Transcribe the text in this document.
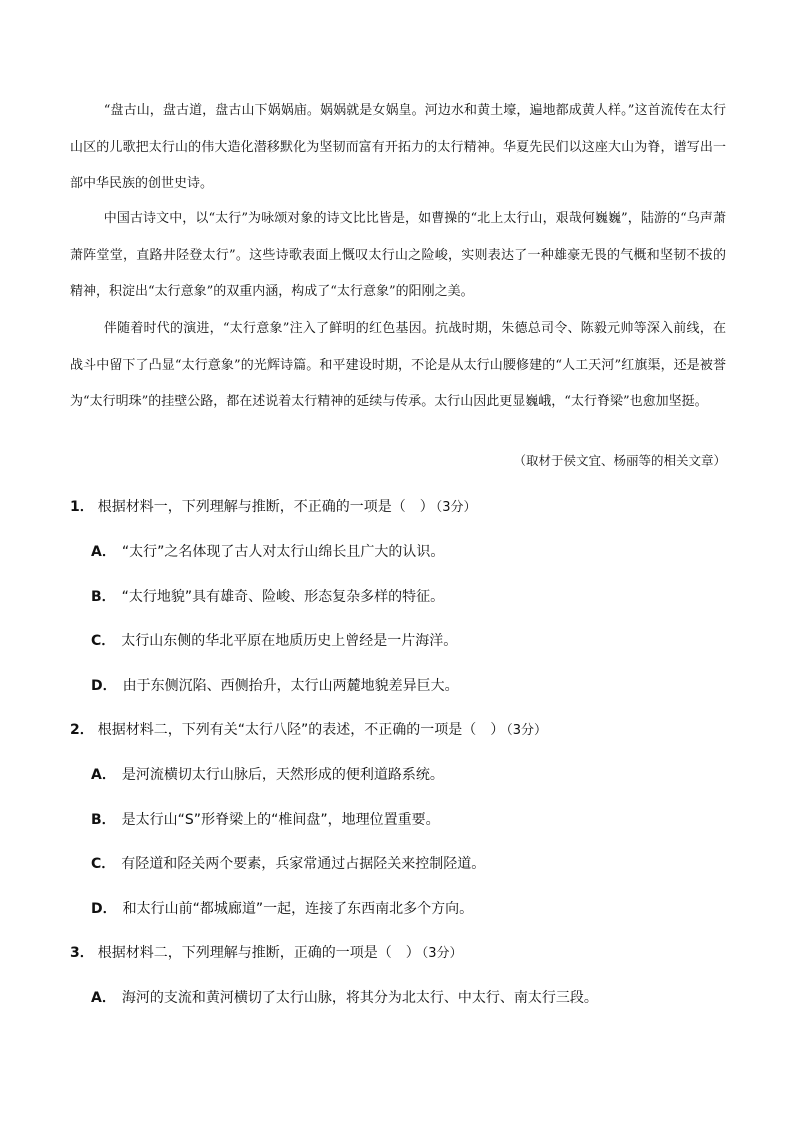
“盘古山，盘古道，盘古山下娲娲庙。娲娲就是女娲皇。河边水和黄土壕，遍地都成黄人样。”这首流传在太行山区的儿歌把太行山的伟大造化潜移默化为坚韧而富有开拓力的太行精神。华夏先民们以这座大山为脊，谱写出一部中华民族的创世史诗。

中国古诗文中，以“太行”为咏颂对象的诗文比比皆是，如曹操的“北上太行山，艰哉何巍巍”，陆游的“乌声萧萧阵堂堂，直路井陉登太行”。这些诗歌表面上慨叹太行山之险峻，实则表达了一种雄豪无畏的气概和坚韧不拔的精神，积淀出“太行意象”的双重内涵，构成了“太行意象”的阳刚之美。

伴随着时代的演进，“太行意象”注入了鲜明的红色基因。抗战时期，朱德总司令、陈毅元帅等深入前线，在战斗中留下了凸显“太行意象”的光辉诗篇。和平建设时期，不论是从太行山腰修建的“人工天河”红旗渠，还是被誉为“太行明珠”的挂壁公路，都在述说着太行精神的延续与传承。太行山因此更显巍峨，“太行脊梁”也愈加坚挺。

（取材于侯文宜、杨丽等的相关文章）

1． 根据材料一，下列理解与推断，不正确的一项是（　） （3分）

A． “太行”之名体现了古人对太行山绵长且广大的认识。

B． “太行地貌”具有雄奇、险峻、形态复杂多样的特征。

C． 太行山东侧的华北平原在地质历史上曾经是一片海洋。

D． 由于东侧沉陷、西侧抬升，太行山两麓地貌差异巨大。

2． 根据材料二，下列有关“太行八陉”的表述，不正确的一项是（　） （3分）

A． 是河流横切太行山脉后，天然形成的便利道路系统。

B． 是太行山“S”形脊梁上的“椎间盘”，地理位置重要。

C． 有陉道和陉关两个要素，兵家常通过占据陉关来控制陉道。

D． 和太行山前“都城廊道”一起，连接了东西南北多个方向。

3． 根据材料二，下列理解与推断，正确的一项是（　） （3分）

A． 海河的支流和黄河横切了太行山脉，将其分为北太行、中太行、南太行三段。
